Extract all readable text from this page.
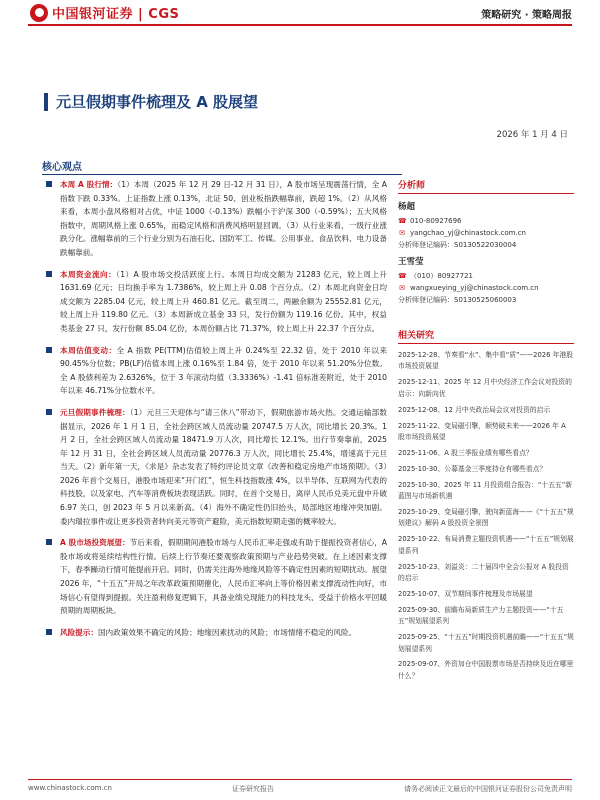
中国银河证券 | CGS	策略研究 · 策略周报
元旦假期事件梳理及 A 股展望
2026 年 1 月 4 日
核心观点
本周 A 股行情：（1）本周（2025 年 12 月 29 日-12 月 31 日），A 股市场呈现震荡行情，全 A 指数下跌 0.33%。上证指数上涨 0.13%，北证 50、创业板指跌幅靠前，跌超 1%。（2）从风格来看，本周小盘风格相对占优，中证 1000（-0.13%）跌幅小于沪深 300（-0.59%）；五大风格指数中，周期风格上涨 0.65%，而稳定风格和消费风格明显回调。（3）从行业来看，一级行业涨跌分化。涨幅靠前的三个行业分别为石油石化、国防军工、传媒。公用事业、食品饮料、电力设备跌幅靠前。
本周资金流向：（1）A 股市场交投活跃度上行。本周日均成交额为 21283 亿元，较上周上升 1631.69 亿元；日均换手率为 1.7386%，较上周上升 0.08 个百分点。（2）本周北向资金日均成交额为 2285.04 亿元，较上周上升 460.81 亿元。截至周二，两融余额为 25552.81 亿元，较上周上升 119.80 亿元。（3）本周新成立基金 33 只，发行份额为 119.16 亿份。其中，权益类基金 27 只，发行份额 85.04 亿份，本周份额占比 71.37%，较上周上升 22.37 个百分点。
本周估值变动：全 A 指数 PE(TTM)估值较上周上升 0.24%至 22.32 倍，处于 2010 年以来 90.45%分位数；PB(LF)估值本周上涨 0.16%至 1.84 倍，处于 2010 年以来 51.20%分位数。全 A 股债利差为 2.6326%，位于 3 年滚动均值（3.3336%）-1.41 倍标准差附近，处于 2010 年以来 46.71%分位数水平。
元旦假期事件梳理：（1）元旦三天迎体与“请三休八”带动下，假期旅游市场火热。交通运输部数据显示，2026 年 1 月 1 日，全社会跨区域人员流动量 20747.5 万人次，同比增长 20.3%。1 月 2 日，全社会跨区域人员流动量 18471.9 万人次，同比增长 12.1%。出行节奏靠前，2025 年 12 月 31 日，全社会跨区域人员流动量 20776.3 万人次，同比增长 25.4%，增速高于元旦当天。（2）新年第一天，《求是》杂志发表了特约评论员文章《改善和稳定房地产市场预期》。（3）2026 年首个交易日，港股市场迎来“开门红”，恒生科技指数涨 4%，以半导体、互联网为代表的科技股，以及家电、汽车等消费板块表现活跃。同时，在首个交易日，离岸人民币兑美元盘中升破 6.97 关口，创 2023 年 5 月以来新高。（4）海外不确定性仍旧抬头，局部地区地缘冲突加剧。委内瑞拉事件或让更多投资者转向美元等资产避险，美元指数短期走强的概率较大。
A 股市场投资展望：节后来看，假期期间港股市场与人民币汇率走强或有助于提振投资者信心，A 股市场或将延续结构性行情。后续上行节奏还要观察政策预期与产业趋势突破。在上述因素支撑下，春季躁动行情可能提前开启。同时，仍需关注海外地缘风险等不确定性因素的短期扰动。展望 2026 年，“十五五”开局之年改革政策预期催化，人民币汇率向上等价格因素支撑流动性向好，市场信心有望得到提振。关注盈利修复逻辑下，具备业绩兑现能力的科技龙头、受益于价格水平回暖预期的周期板块。
风险提示：国内政策效果不确定的风险；地缘因素扰动的风险；市场情绪不稳定的风险。
分析师
杨超
☎ 010-80927696
✉ yangchao_yj@chinastock.com.cn
分析师登记编码：S0130522030004
王雪莹
☎ （010）80927721
✉ wangxueying_yj@chinastock.com.cn
分析师登记编码：S0130525060003
相关研究
2025-12-28、节奏看“水”、集中看“质”——2026 年港股市场投资展望
2025-12-11、2025 年 12 月中央经济工作会议对投资的启示：向新向优
2025-12-08、12 月中央政治局会议对投资的启示
2025-11-22、变局磁引擎，顺势破未来——2026 年 A 股市场投资展望
2025-11-06、A 股三季报业绩有哪些看点？
2025-10-30、公募基金三季度持仓有哪些看点？
2025-10-30、2025 年 11 月投资组合报告：“十五五”新蓝图与市场新机遇
2025-10-29、变局磁引擎，驶向新蓝海——《“十五五”规划建议》解码 A 股投资全景图
2025-10-22、布局消费主题投资机遇——“十五五”规划展望系列
2025-10-23、刘溢炎：二十届四中全会公报对 A 股投资的启示
2025-10-07、双节期间事件梳理及市场展望
2025-09-30、前瞻布局新质生产力主题投资——“十五五”规划展望系列
2025-09-25、“十五五”时期投资机遇前瞻——“十五五”规划展望系列
2025-09-07、外资加仓中国股票市场是否持续及近在哪里什么？
www.chinastock.com.cn	证券研究报告	请务必阅读正文最后的中国银河证券股份公司免责声明
